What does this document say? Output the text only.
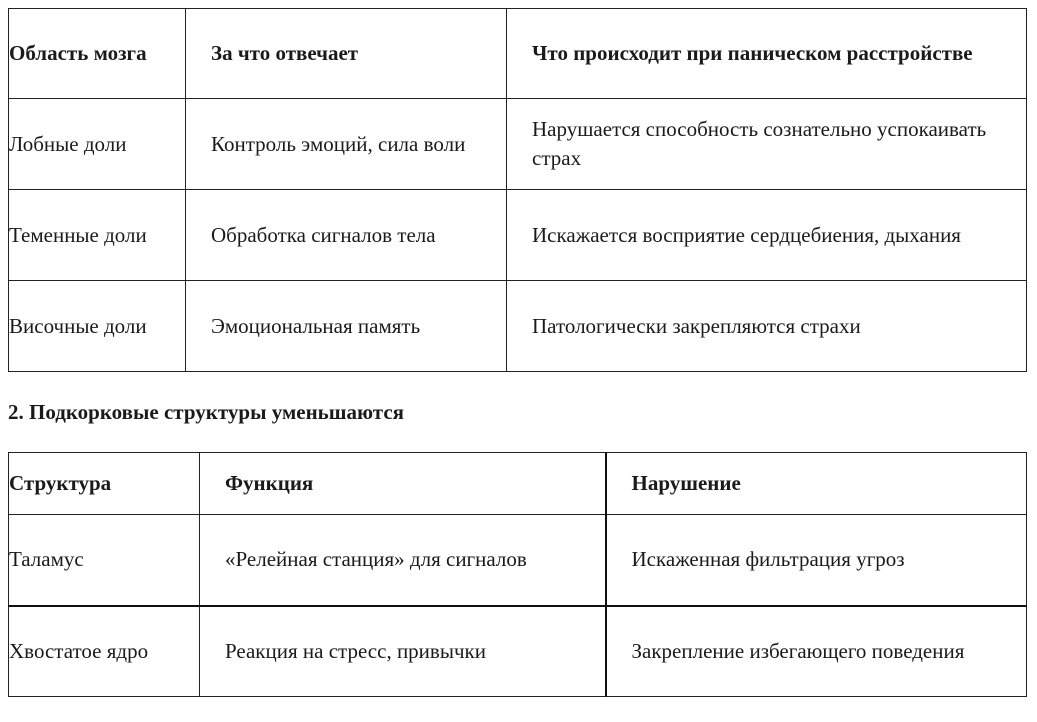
Область мозга	За что отвечает	Что происходит при паническом расстройстве
Лобные доли	Контроль эмоций, сила воли	Нарушается способность сознательно успокаивать страх
Теменные доли	Обработка сигналов тела	Искажается восприятие сердцебиения, дыхания
Височные доли	Эмоциональная память	Патологически закрепляются страхи

2. Подкорковые структуры уменьшаются

Структура	Функция	Нарушение
Таламус	«Релейная станция» для сигналов	Искаженная фильтрация угроз
Хвостатое ядро	Реакция на стресс, привычки	Закрепление избегающего поведения
